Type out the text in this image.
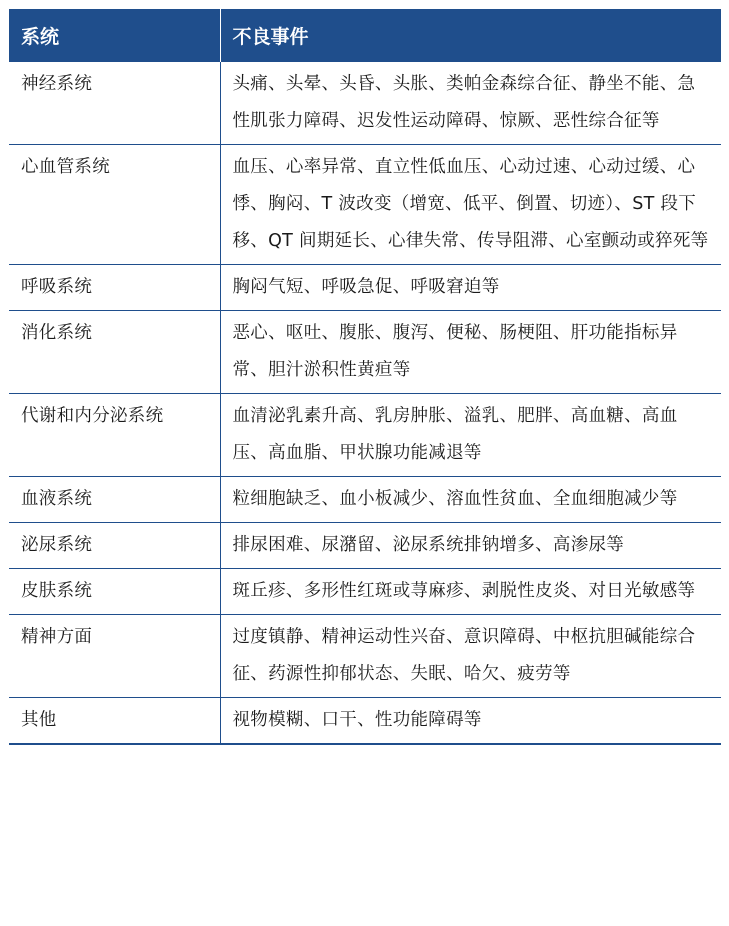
系统	不良事件
神经系统	头痛、头晕、头昏、头胀、类帕金森综合征、静坐不能、急性肌张力障碍、迟发性运动障碍、惊厥、恶性综合征等
心血管系统	血压、心率异常、直立性低血压、心动过速、心动过缓、心悸、胸闷、T 波改变（增宽、低平、倒置、切迹）、ST 段下移、QT 间期延长、心律失常、传导阻滞、心室颤动或猝死等
呼吸系统	胸闷气短、呼吸急促、呼吸窘迫等
消化系统	恶心、呕吐、腹胀、腹泻、便秘、肠梗阻、肝功能指标异常、胆汁淤积性黄疸等
代谢和内分泌系统	血清泌乳素升高、乳房肿胀、溢乳、肥胖、高血糖、高血压、高血脂、甲状腺功能减退等
血液系统	粒细胞缺乏、血小板减少、溶血性贫血、全血细胞减少等
泌尿系统	排尿困难、尿潴留、泌尿系统排钠增多、高渗尿等
皮肤系统	斑丘疹、多形性红斑或荨麻疹、剥脱性皮炎、对日光敏感等
精神方面	过度镇静、精神运动性兴奋、意识障碍、中枢抗胆碱能综合征、药源性抑郁状态、失眠、哈欠、疲劳等
其他	视物模糊、口干、性功能障碍等
